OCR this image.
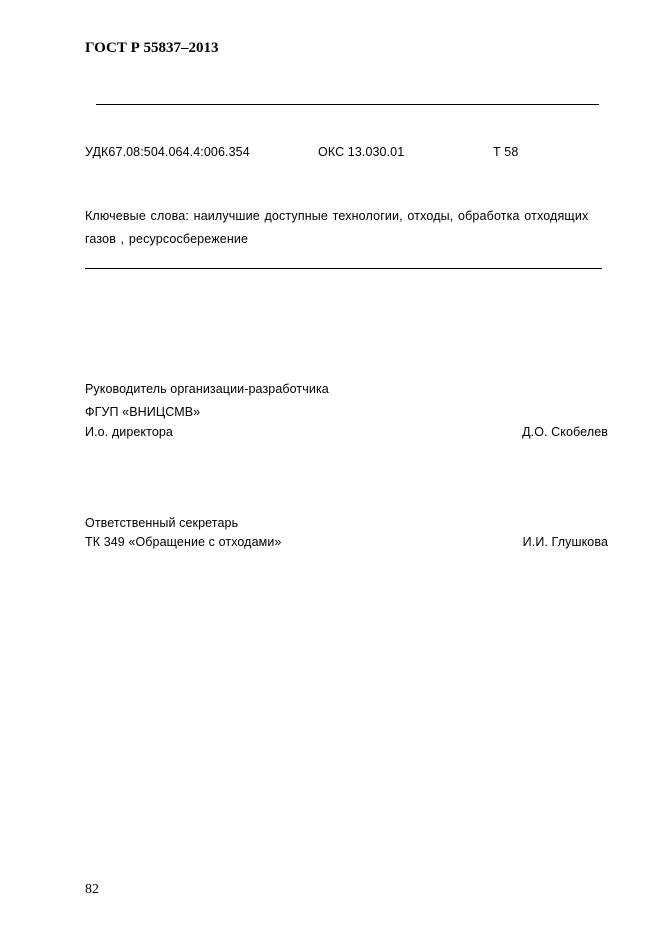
ГОСТ Р 55837–2013
УДК67.08:504.064.4:006.354	ОКС 13.030.01	Т 58
Ключевые слова: наилучшие доступные технологии, отходы, обработка отходящих газов , ресурсосбережение
Руководитель организации-разработчика
ФГУП «ВНИЦСМВ»
И.о. директора	Д.О. Скобелев
Ответственный секретарь
ТК 349 «Обращение с отходами»	И.И. Глушкова
82
